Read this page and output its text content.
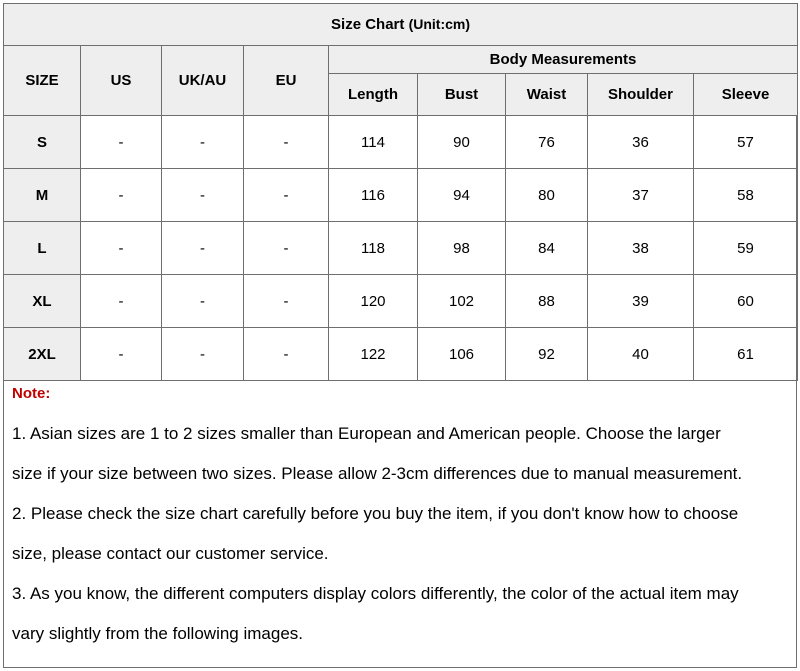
Size Chart (Unit:cm)								
SIZE	US	UK/AU	EU	Body Measurements				
				Length	Bust	Waist	Shoulder	Sleeve
S	-	-	-	114	90	76	36	57
M	-	-	-	116	94	80	37	58
L	-	-	-	118	98	84	38	59
XL	-	-	-	120	102	88	39	60
2XL	-	-	-	122	106	92	40	61
Note:
1. Asian sizes are 1 to 2 sizes smaller than European and American people. Choose the larger
size if your size between two sizes. Please allow 2-3cm differences due to manual measurement.
2. Please check the size chart carefully before you buy the item, if you don't know how to choose
size, please contact our customer service.
3. As you know, the different computers display colors differently, the color of the actual item may
vary slightly from the following images.
